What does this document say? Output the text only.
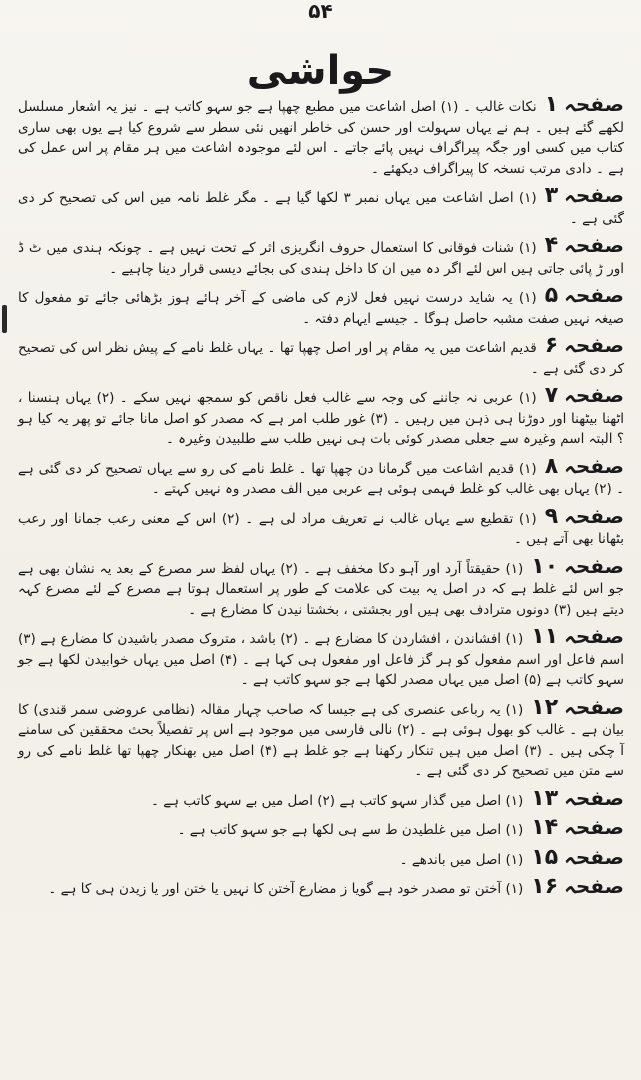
۵۴
حواشی

صفحہ۱نکات غالب ۔ (۱) اصل اشاعت میں مطبع چھپا ہے جو سہو کاتب ہے ۔ نیز یہ اشعار مسلسل لکھے گئے ہیں ۔ ہم نے یہاں سہولت اور حسن کی خاطر انھیں نئی سطر سے شروع کیا ہے یوں بھی ساری کتاب میں کسی اور جگہ پیراگراف نہیں پائے جاتے ۔ اس لئے موجودہ اشاعت میں ہر مقام پر اس عمل کی ہے ۔ دادی مرتب نسخہ کا پیراگراف دیکھئے ۔

صفحہ۳(۱) اصل اشاعت میں یہاں نمبر ۳ لکھا گیا ہے ۔ مگر غلط نامہ میں اس کی تصحیح کر دی گئی ہے ۔

صفحہ۴(۱) شنات فوقانی کا استعمال حروف انگریزی اثر کے تحت نہیں ہے ۔ چونکہ ہندی میں ٹ ڈ اور ڑ پائی جاتی ہیں اس لئے اگر دہ میں ان کا داخل ہندی کی بجائے دیسی قرار دینا چاہیے ۔

صفحہ۵(۱) یہ شاید درست نہیں فعل لازم کی ماضی کے آخر ہائے ہوز بڑھائی جائے تو مفعول کا صیغہ نہیں صفت مشبہ حاصل ہوگا ۔ جیسے ایہام دفتہ ۔

صفحہ۶قدیم اشاعت میں یہ مقام پر اور اصل چھپا تھا ۔ یہاں غلط نامے کے پیش نظر اس کی تصحیح کر دی گئی ہے ۔

صفحہ۷(۱) عربی نہ جاننے کی وجہ سے غالب فعل ناقص کو سمجھ نہیں سکے ۔ (۲) یہاں ہنسنا ، اٹھنا بیٹھنا اور دوڑنا ہی ذہن میں رہیں ۔ (۳) غور طلب امر ہے کہ مصدر کو اصل مانا جائے تو پھر یہ کیا ہو ؟ البتہ اسم وغیرہ سے جعلی مصدر کوئی بات ہی نہیں طلب سے طلبیدن وغیرہ ۔

صفحہ۸(۱) قدیم اشاعت میں گرمانا دن چھپا تھا ۔ غلط نامے کی رو سے یہاں تصحیح کر دی گئی ہے ۔ (۲) یہاں بھی غالب کو غلط فہمی ہوئی ہے عربی میں الف مصدر وہ نہیں کہتے ۔

صفحہ۹(۱) تقطیع سے یہاں غالب نے تعریف مراد لی ہے ۔ (۲) اس کے معنی رعب جمانا اور رعب بٹھانا بھی آتے ہیں ۔

صفحہ۱۰(۱) حقیقتاً آرد اور آہو دکا مخفف ہے ۔ (۲) یہاں لفظ سر مصرع کے بعد یہ نشان بھی ہے جو اس لئے غلط ہے کہ در اصل یہ بیت کی علامت کے طور پر استعمال ہوتا ہے مصرع کے لئے مصرع کہہ دیتے ہیں (۳) دونوں مترادف بھی ہیں اور بجشتی ، بخشتا نیدن کا مضارع ہے ۔

صفحہ۱۱(۱) افشاندن ، افشاردن کا مضارع ہے ۔ (۲) باشد ، متروک مصدر باشیدن کا مضارع ہے (۳) اسم فاعل اور اسم مفعول کو ہر گز فاعل اور مفعول ہی کہا ہے ۔ (۴) اصل میں یہاں خوابیدن لکھا ہے جو سہو کاتب ہے (۵) اصل میں یہاں مصدر لکھا ہے جو سہو کاتب ہے ۔

صفحہ۱۲(۱) یہ رباعی عنصری کی ہے جیسا کہ صاحب چہار مقالہ (نظامی عروضی سمر قندی) کا بیان ہے ۔ غالب کو بھول ہوئی ہے ۔ (۲) نالی فارسی میں موجود ہے اس پر تفصیلاً بحث محققین کی سامنے آ چکی ہیں ۔ (۳) اصل میں ہیں تنکار رکھنا ہے جو غلط ہے (۴) اصل میں بھنکار چھپا تھا غلط نامے کی رو سے متن میں تصحیح کر دی گئی ہے ۔

صفحہ۱۳(۱) اصل میں گذار سہو کاتب ہے (۲) اصل میں بے سہو کاتب ہے ۔

صفحہ۱۴(۱) اصل میں غلطیدن ط سے ہی لکھا ہے جو سہو کاتب ہے ۔

صفحہ۱۵(۱) اصل میں باندھے ۔

صفحہ۱۶(۱) آختن تو مصدر خود ہے گویا ز مضارع آختن کا نہیں یا ختن اور یا زیدن ہی کا ہے ۔
